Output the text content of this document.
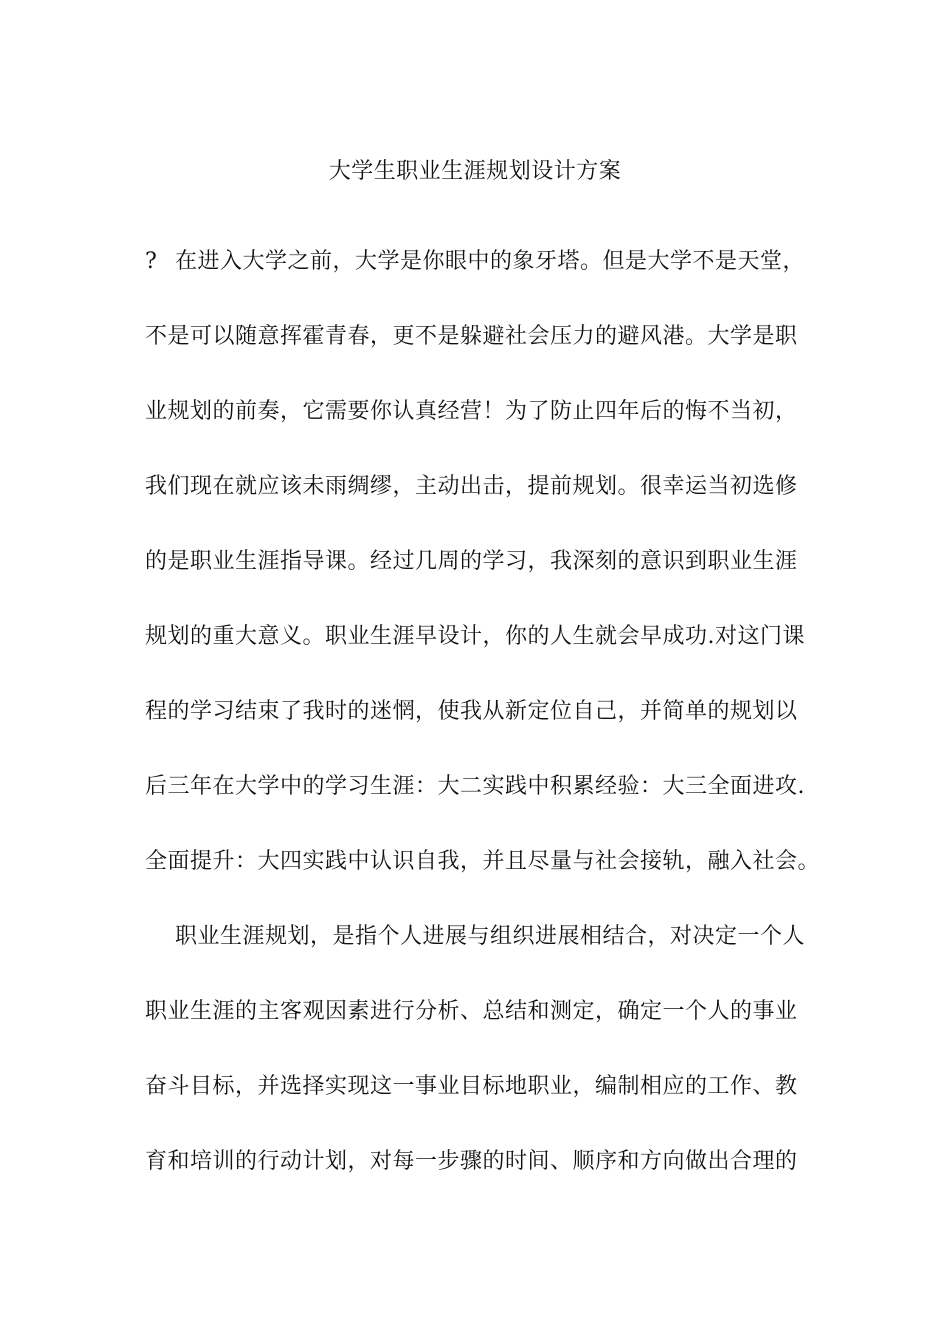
大学生职业生涯规划设计方案
? 在进入大学之前，大学是你眼中的象牙塔。但是大学不是天堂，
不是可以随意挥霍青春，更不是躲避社会压力的避风港。大学是职
业规划的前奏，它需要你认真经营！为了防止四年后的悔不当初，
我们现在就应该未雨绸缪，主动出击，提前规划。很幸运当初选修
的是职业生涯指导课。经过几周的学习，我深刻的意识到职业生涯
规划的重大意义。职业生涯早设计，你的人生就会早成功.对这门课
程的学习结束了我时的迷惘，使我从新定位自己，并简单的规划以
后三年在大学中的学习生涯：大二实践中积累经验：大三全面进攻.
全面提升：大四实践中认识自我，并且尽量与社会接轨，融入社会。
职业生涯规划，是指个人进展与组织进展相结合，对决定一个人
职业生涯的主客观因素进行分析、总结和测定，确定一个人的事业
奋斗目标，并选择实现这一事业目标地职业，编制相应的工作、教
育和培训的行动计划，对每一步骤的时间、顺序和方向做出合理的
